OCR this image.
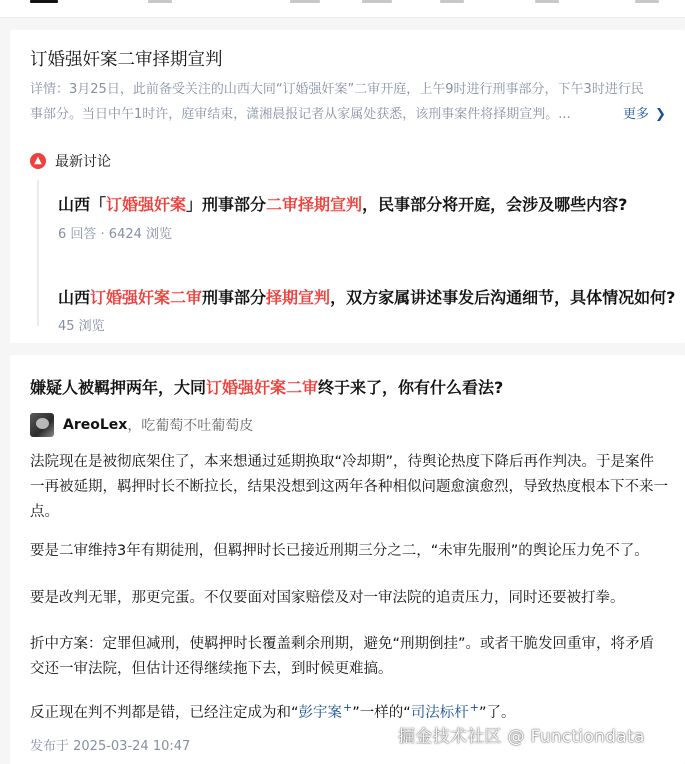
订婚强奸案二审择期宣判
详情：3月25日，此前备受关注的山西大同“订婚强奸案”二审开庭，上午9时进行刑事部分，下午3时进行民
事部分。当日中午1时许，庭审结束，潇湘晨报记者从家属处获悉，该刑事案件将择期宣判。...	更多 ❯
▲ 最新讨论
山西「订婚强奸案」刑事部分二审择期宣判，民事部分将开庭，会涉及哪些内容?
6 回答 · 6424 浏览
山西订婚强奸案二审刑事部分择期宣判，双方家属讲述事发后沟通细节，具体情况如何?
45 浏览
嫌疑人被羁押两年，大同订婚强奸案二审终于来了，你有什么看法?
AreoLex ，吃葡萄不吐葡萄皮
法院现在是被彻底架住了，本来想通过延期换取“冷却期”，待舆论热度下降后再作判决。于是案件
一再被延期，羁押时长不断拉长，结果没想到这两年各种相似问题愈演愈烈，导致热度根本下不来一
点。
要是二审维持3年有期徒刑，但羁押时长已接近刑期三分之二，“未审先服刑”的舆论压力免不了。
要是改判无罪，那更完蛋。不仅要面对国家赔偿及对一审法院的追责压力，同时还要被打拳。
折中方案：定罪但减刑，使羁押时长覆盖剩余刑期，避免“刑期倒挂”。或者干脆发回重审，将矛盾
交还一审法院，但估计还得继续拖下去，到时候更难搞。
反正现在判不判都是错，已经注定成为和“彭宇案+”一样的“司法标杆+”了。
发布于 2025-03-24 10:47	掘金技术社区 @ Functiondata
